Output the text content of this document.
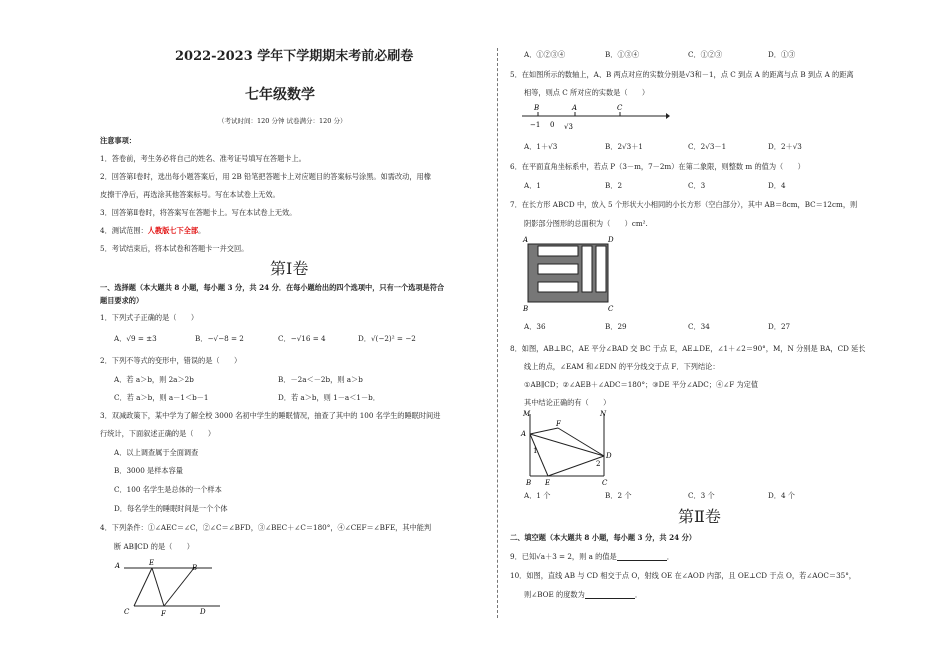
2022-2023 学年下学期期末考前必刷卷
七年级数学
（考试时间：120 分钟 试卷满分：120 分）
注意事项：
1．答卷前，考生务必将自己的姓名、准考证号填写在答题卡上。
2．回答第Ⅰ卷时，选出每小题答案后，用 2B 铅笔把答题卡上对应题目的答案标号涂黑。如需改动，用橡
皮擦干净后，再选涂其他答案标号。写在本试卷上无效。
3．回答第Ⅱ卷时，将答案写在答题卡上。写在本试卷上无效。
4．测试范围：人教版七下全部。
5．考试结束后，将本试卷和答题卡一并交回。
第Ⅰ卷
一、选择题（本大题共 8 小题，每小题 3 分，共 24 分．在每小题给出的四个选项中，只有一个选项是符合
题目要求的）
1．下列式子正确的是（　　）
A．√9 = ±3	B．−√−8 = 2	C．−√16 = 4	D．√(−2)² = −2
2．下列不等式的变形中，错误的是（　　）
A．若 a＞b，则 2a＞2b	B．－2a＜－2b，则 a＞b
C．若 a＞b，则 a－1＜b－1	D．若 a＞b，则 1－a＜1－b．
3．双减政策下，某中学为了解全校 3000 名初中学生的睡眠情况，抽查了其中的 100 名学生的睡眠时间进
行统计，下面叙述正确的是（　　）
A．以上调查属于全面调查
B．3000 是样本容量
C．100 名学生是总体的一个样本
D．每名学生的睡眠时间是一个个体
4．下列条件：①∠AEC＝∠C，②∠C＝∠BFD，③∠BEC＋∠C＝180°，④∠CEF＝∠BFE，其中能判
断 AB∥CD 的是（　　）
A	E
B
C	F	D
A．①②③④	B．①③④	C．①②③	D．①③
5．在如图所示的数轴上，A、B 两点对应的实数分别是√3和－1，点 C 到点 A 的距离与点 B 到点 A 的距离
相等，则点 C 所对应的实数是（　　）
B	A	C
−1 0 √3
A．1＋√3	B．2√3＋1	C．2√3－1	D．2＋√3
6．在平面直角坐标系中，若点 P（3－m，7－2m）在第二象限，则整数 m 的值为（　　）
A．1	B．2	C．3	D．4
7．在长方形 ABCD 中，放入 5 个形状大小相同的小长方形（空白部分），其中 AB＝8cm，BC＝12cm，则
阴影部分图形的总面积为（　　）cm².
A	D
B	C
A．36	B．29	C．34	D．27
8．如图，AB⊥BC，AE 平分∠BAD 交 BC 于点 E，AE⊥DE，∠1＋∠2＝90°，M，N 分别是 BA，CD 延长
线上的点，∠EAM 和∠EDN 的平分线交于点 F．下列结论：
①AB∥CD；②∠AEB＋∠ADC＝180°；③DE 平分∠ADC；④∠F 为定值
其中结论正确的有（　　）
M	N
F
A
D
1
2
B E	C
A．1 个	B．2 个	C．3 个	D．4 个
第Ⅱ卷
二、填空题（本大题共 8 小题，每小题 3 分，共 24 分）
9．已知√a＋3 = 2，则 a 的值是	．
10．如图，直线 AB 与 CD 相交于点 O，射线 OE 在∠AOD 内部，且 OE⊥CD 于点 O，若∠AOC＝35°，
则∠BOE 的度数为	．
